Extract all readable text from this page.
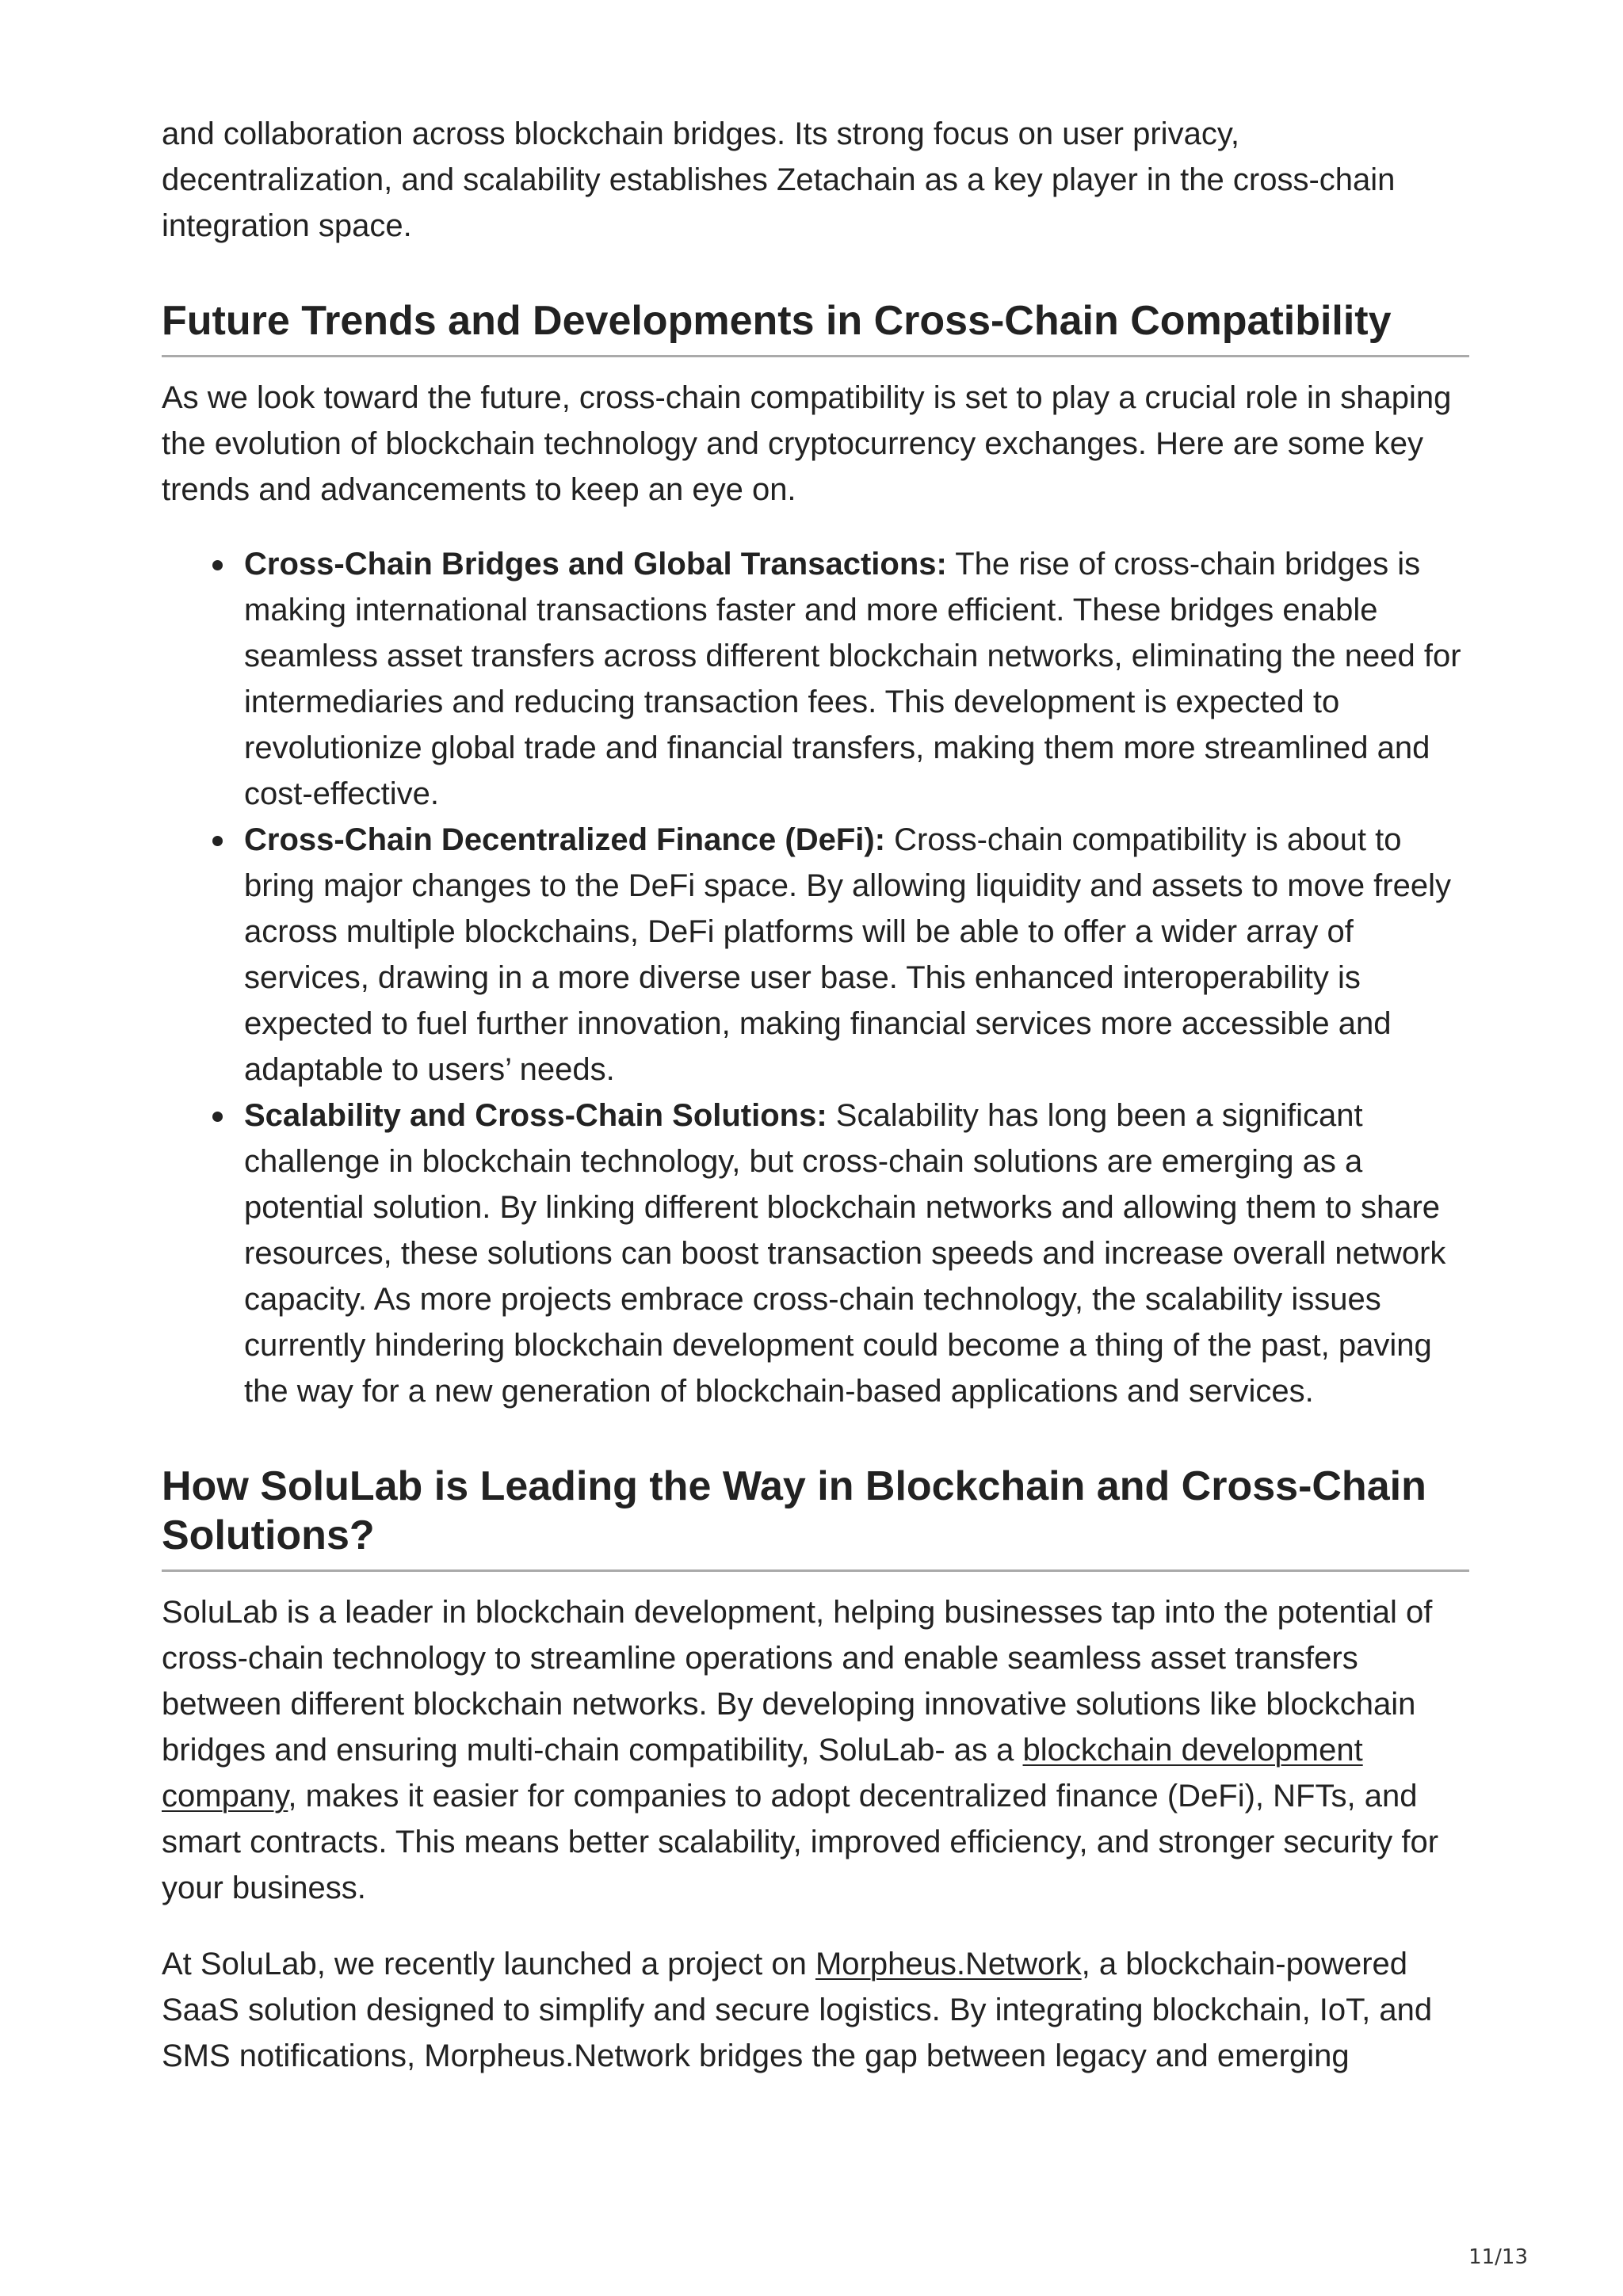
and collaboration across blockchain bridges. Its strong focus on user privacy, decentralization, and scalability establishes Zetachain as a key player in the cross-chain integration space.

Future Trends and Developments in Cross-Chain Compatibility

As we look toward the future, cross-chain compatibility is set to play a crucial role in shaping the evolution of blockchain technology and cryptocurrency exchanges. Here are some key trends and advancements to keep an eye on.

Cross-Chain Bridges and Global Transactions: The rise of cross-chain bridges is making international transactions faster and more efficient. These bridges enable seamless asset transfers across different blockchain networks, eliminating the need for intermediaries and reducing transaction fees. This development is expected to revolutionize global trade and financial transfers, making them more streamlined and cost-effective.
Cross-Chain Decentralized Finance (DeFi): Cross-chain compatibility is about to bring major changes to the DeFi space. By allowing liquidity and assets to move freely across multiple blockchains, DeFi platforms will be able to offer a wider array of services, drawing in a more diverse user base. This enhanced interoperability is expected to fuel further innovation, making financial services more accessible and adaptable to users’ needs.
Scalability and Cross-Chain Solutions: Scalability has long been a significant challenge in blockchain technology, but cross-chain solutions are emerging as a potential solution. By linking different blockchain networks and allowing them to share resources, these solutions can boost transaction speeds and increase overall network capacity. As more projects embrace cross-chain technology, the scalability issues currently hindering blockchain development could become a thing of the past, paving the way for a new generation of blockchain-based applications and services.
How SoluLab is Leading the Way in Blockchain and Cross-Chain Solutions?

SoluLab is a leader in blockchain development, helping businesses tap into the potential of cross-chain technology to streamline operations and enable seamless asset transfers between different blockchain networks. By developing innovative solutions like blockchain bridges and ensuring multi-chain compatibility, SoluLab- as a blockchain development company, makes it easier for companies to adopt decentralized finance (DeFi), NFTs, and smart contracts. This means better scalability, improved efficiency, and stronger security for your business.

At SoluLab, we recently launched a project on Morpheus.Network, a blockchain-powered SaaS solution designed to simplify and secure logistics. By integrating blockchain, IoT, and SMS notifications, Morpheus.Network bridges the gap between legacy and emerging

11/13
